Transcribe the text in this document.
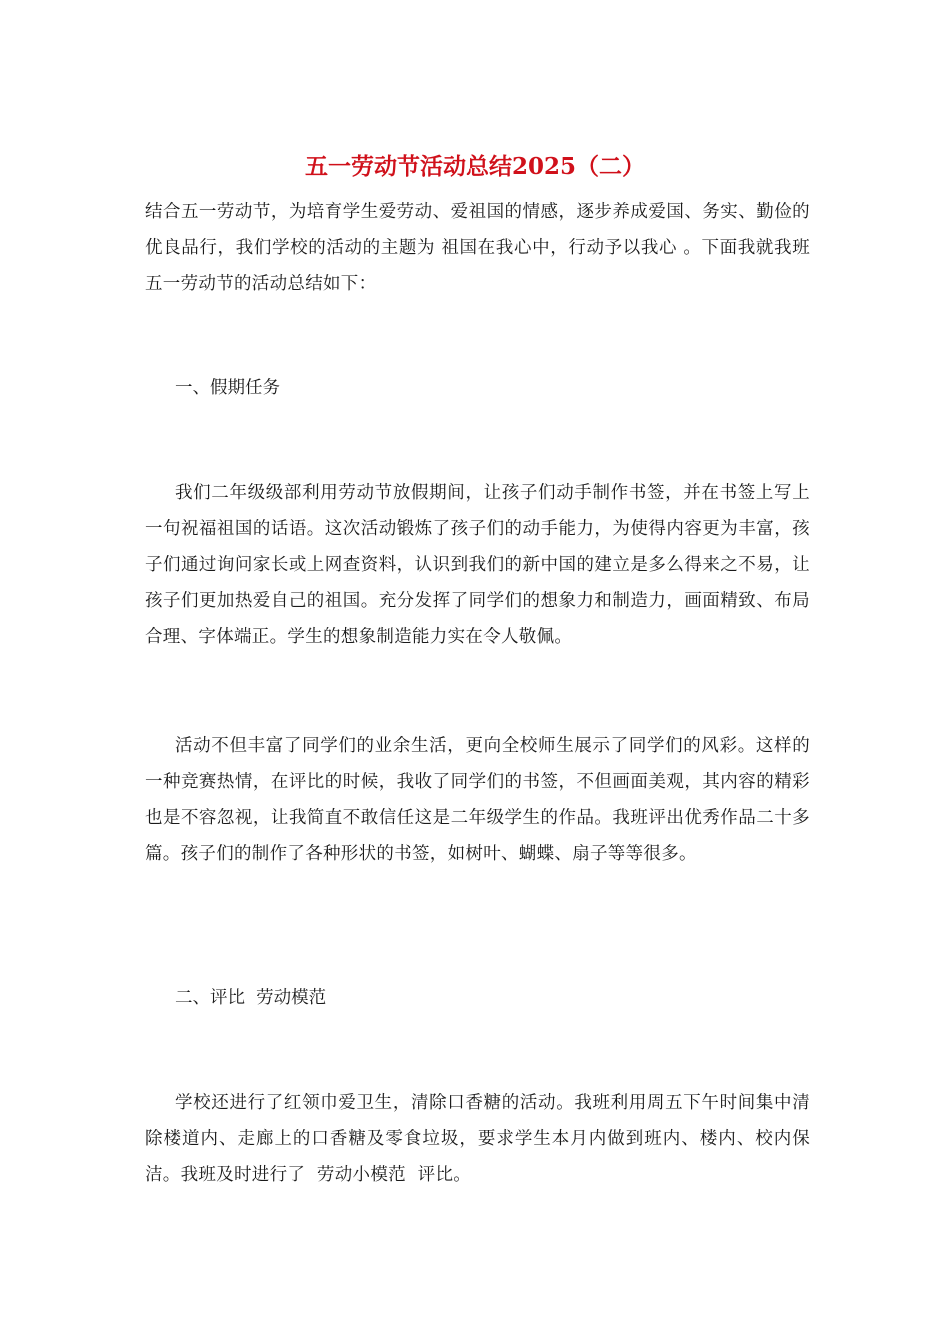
五一劳动节活动总结2025（二）

结合五一劳动节，为培育学生爱劳动、爱祖国的情感，逐步养成爱国、务实、勤俭的优良品行，我们学校的活动的主题为 祖国在我心中，行动予以我心 。下面我就我班五一劳动节的活动总结如下：

一、假期任务

我们二年级级部利用劳动节放假期间，让孩子们动手制作书签，并在书签上写上一句祝福祖国的话语。这次活动锻炼了孩子们的动手能力，为使得内容更为丰富，孩子们通过询问家长或上网查资料，认识到我们的新中国的建立是多么得来之不易，让孩子们更加热爱自己的祖国。充分发挥了同学们的想象力和制造力，画面精致、布局合理、字体端正。学生的想象制造能力实在令人敬佩。

活动不但丰富了同学们的业余生活，更向全校师生展示了同学们的风彩。这样的一种竞赛热情，在评比的时候，我收了同学们的书签，不但画面美观，其内容的精彩也是不容忽视，让我简直不敢信任这是二年级学生的作品。我班评出优秀作品二十多篇。孩子们的制作了各种形状的书签，如树叶、蝴蝶、扇子等等很多。

二、评比  劳动模范

学校还进行了红领巾爱卫生，清除口香糖的活动。我班利用周五下午时间集中清除楼道内、走廊上的口香糖及零食垃圾，要求学生本月内做到班内、楼内、校内保洁。我班及时进行了  劳动小模范  评比。
